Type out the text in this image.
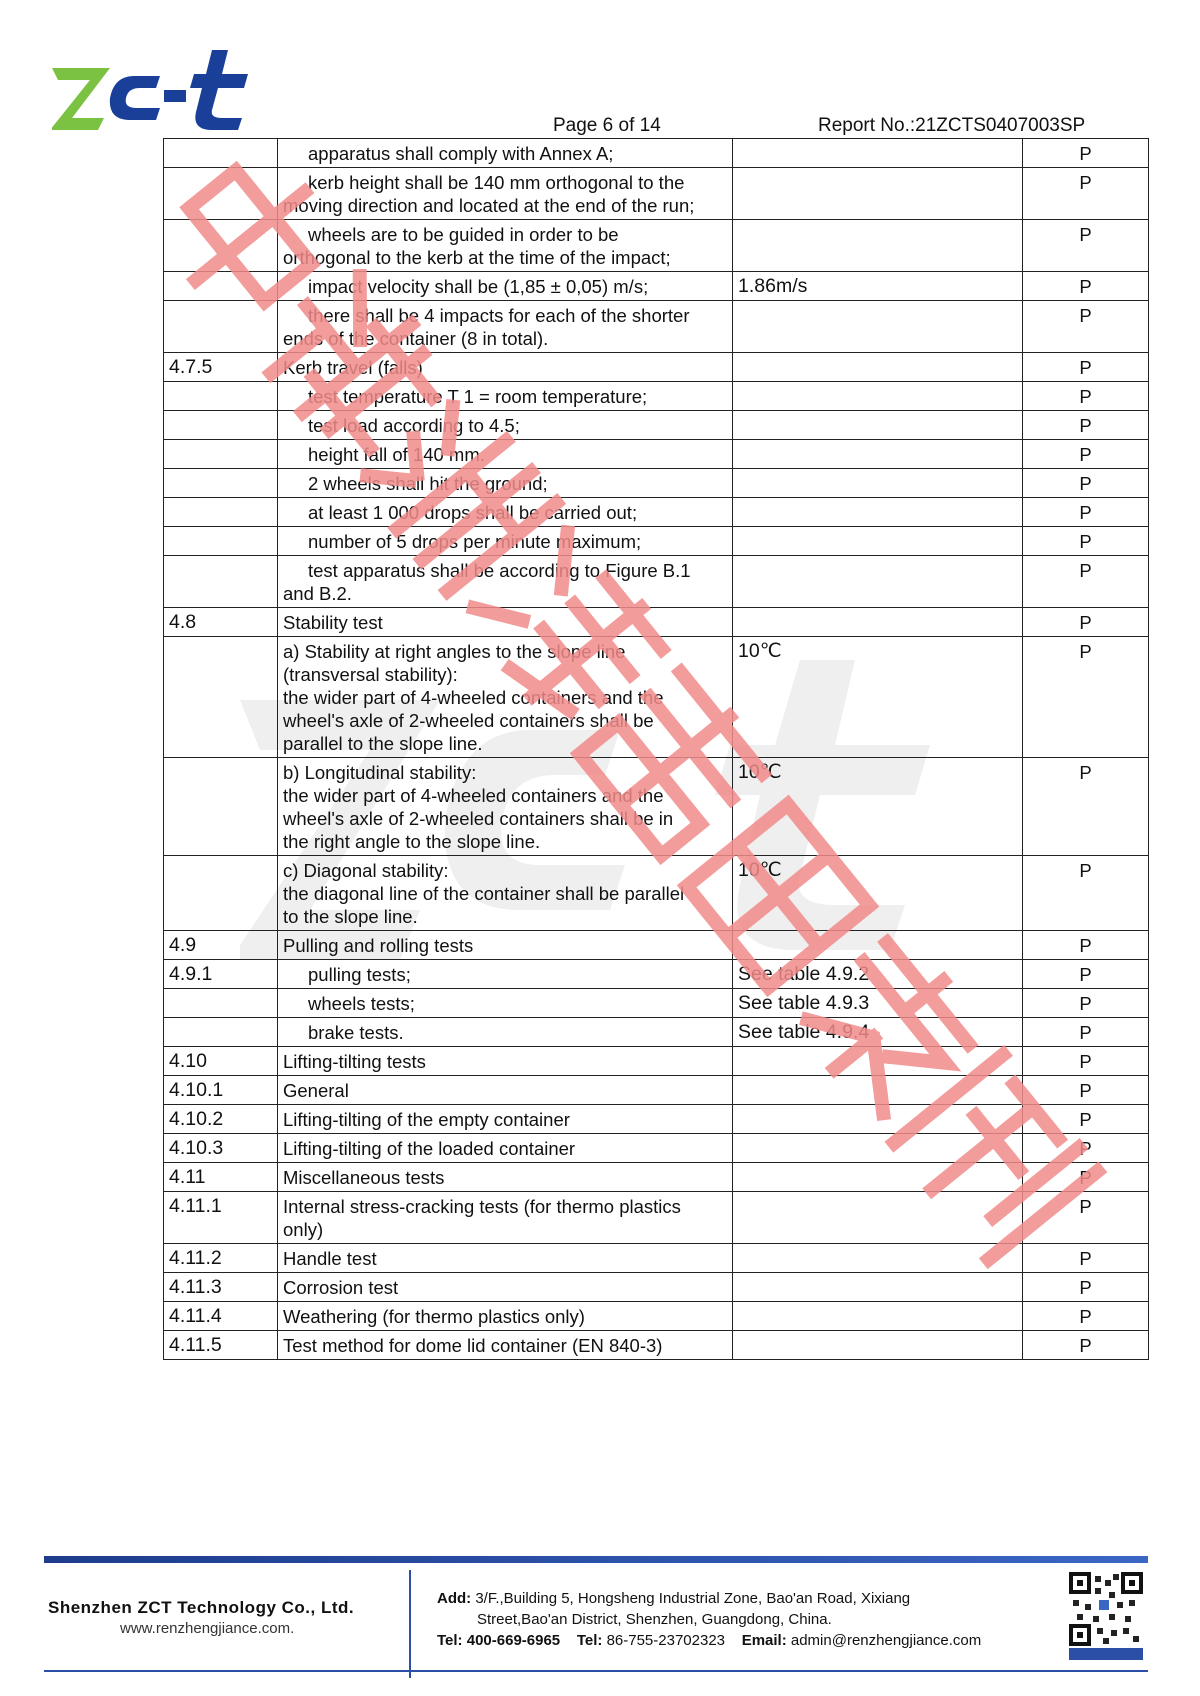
Page 6 of 14	Report No.:21ZCTS0407003SP

	apparatus shall comply with Annex A;		P

	kerb height shall be 140 mm orthogonal to the
moving direction and located at the end of the run;		P

	wheels are to be guided in order to be
orthogonal to the kerb at the time of the impact;		P

	impact velocity shall be (1,85 ± 0,05) m/s;	1.86m/s	P

	there shall be 4 impacts for each of the shorter
ends of the container (8 in total).		P
4.7.5	Kerb travel (falls)		P

	test temperature T 1 = room temperature;		P

	test load according to 4.5;		P

	height fall of 140 mm.		P

	2 wheels shall hit the ground;		P

	at least 1 000 drops shall be carried out;		P

	number of 5 drops per minute maximum;		P

	test apparatus shall be according to Figure B.1
and B.2.		P
4.8	Stability test		P

	a) Stability at right angles to the slope line
(transversal stability):
the wider part of 4-wheeled containers and the
wheel's axle of 2-wheeled containers shall be
parallel to the slope line.	10℃	P

	b) Longitudinal stability:
the wider part of 4-wheeled containers and the
wheel's axle of 2-wheeled containers shall be in
the right angle to the slope line.	10℃	P

	c) Diagonal stability:
the diagonal line of the container shall be parallel
to the slope line.	10℃	P
4.9	Pulling and rolling tests		P
4.9.1	pulling tests;	See table 4.9.2	P

	wheels tests;	See table 4.9.3	P

	brake tests.	See table 4.9.4	P
4.10	Lifting-tilting tests		P
4.10.1	General		P
4.10.2	Lifting-tilting of the empty container		P
4.10.3	Lifting-tilting of the loaded container		P
4.11	Miscellaneous tests		P
4.11.1	Internal stress-cracking tests (for thermo plastics
only)		P
4.11.2	Handle test		P
4.11.3	Corrosion test		P
4.11.4	Weathering (for thermo plastics only)		P
4.11.5	Test method for dome lid container (EN 840-3)		P
Shenzhen ZCT Technology Co., Ltd.
www.renzhengjiance.com.
Add: 3/F.,Building 5, Hongsheng Industrial Zone, Bao'an Road, Xixiang
Street,Bao'an District, Shenzhen, Guangdong, China.
Tel: 400-669-6965 Tel: 86-755-23702323 Email: admin@renzhengjiance.com
